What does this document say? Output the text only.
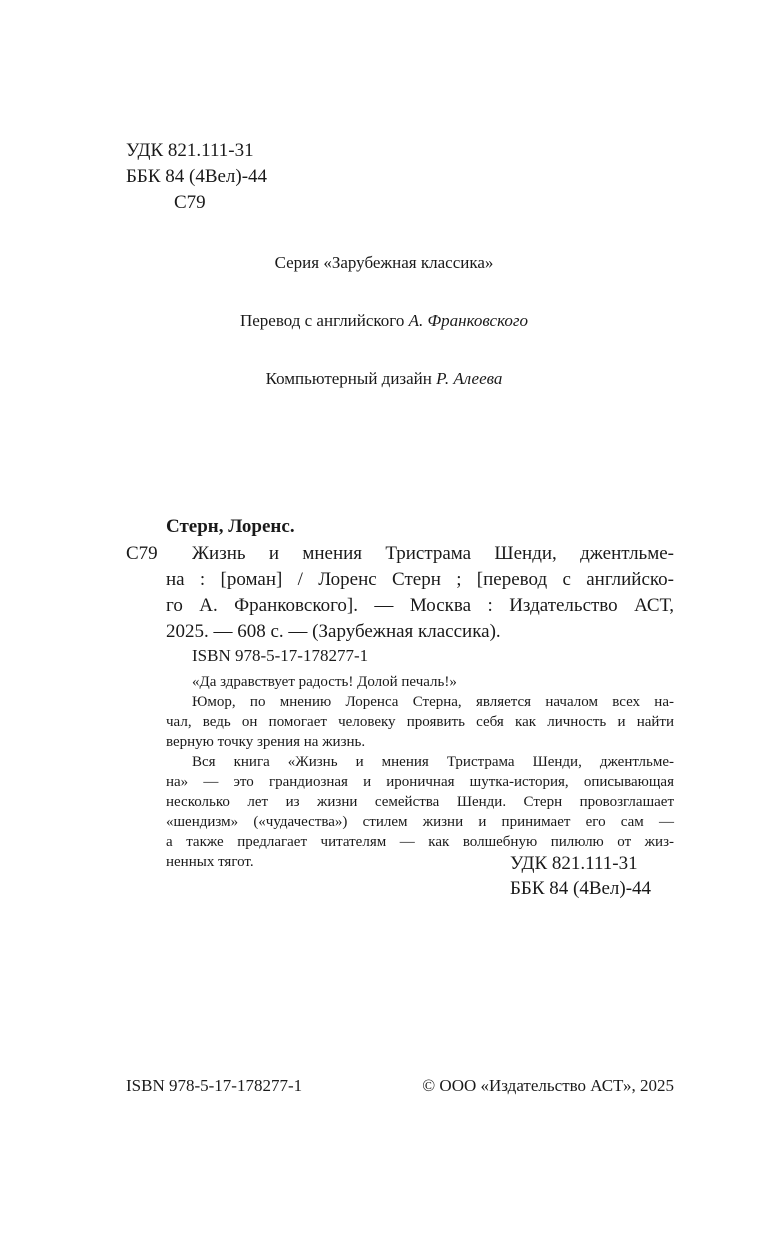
УДК 821.111-31
ББК 84 (4Вел)-44
С79
Серия «Зарубежная классика»
Перевод с английского А. Франковского
Компьютерный дизайн Р. Алеева
Стерн, Лоренс.
С79 Жизнь и мнения Тристрама Шенди, джентльме-
на : [роман] / Лоренс Стерн ; [перевод с английско-
го А. Франковского]. — Москва : Издательство АСТ,
2025. — 608 с. — (Зарубежная классика).
ISBN 978-5-17-178277-1
«Да здравствует радость! Долой печаль!»
Юмор, по мнению Лоренса Стерна, является началом всех на-
чал, ведь он помогает человеку проявить себя как личность и найти
верную точку зрения на жизнь.
Вся книга «Жизнь и мнения Тристрама Шенди, джентльме-
на» — это грандиозная и ироничная шутка-история, описывающая
несколько лет из жизни семейства Шенди. Стерн провозглашает
«шендизм» («чудачества») стилем жизни и принимает его сам —
а также предлагает читателям — как волшебную пилюлю от жиз-
ненных тягот.	УДК 821.111-31
ББК 84 (4Вел)-44
ISBN 978-5-17-178277-1	© ООО «Издательство АСТ», 2025
